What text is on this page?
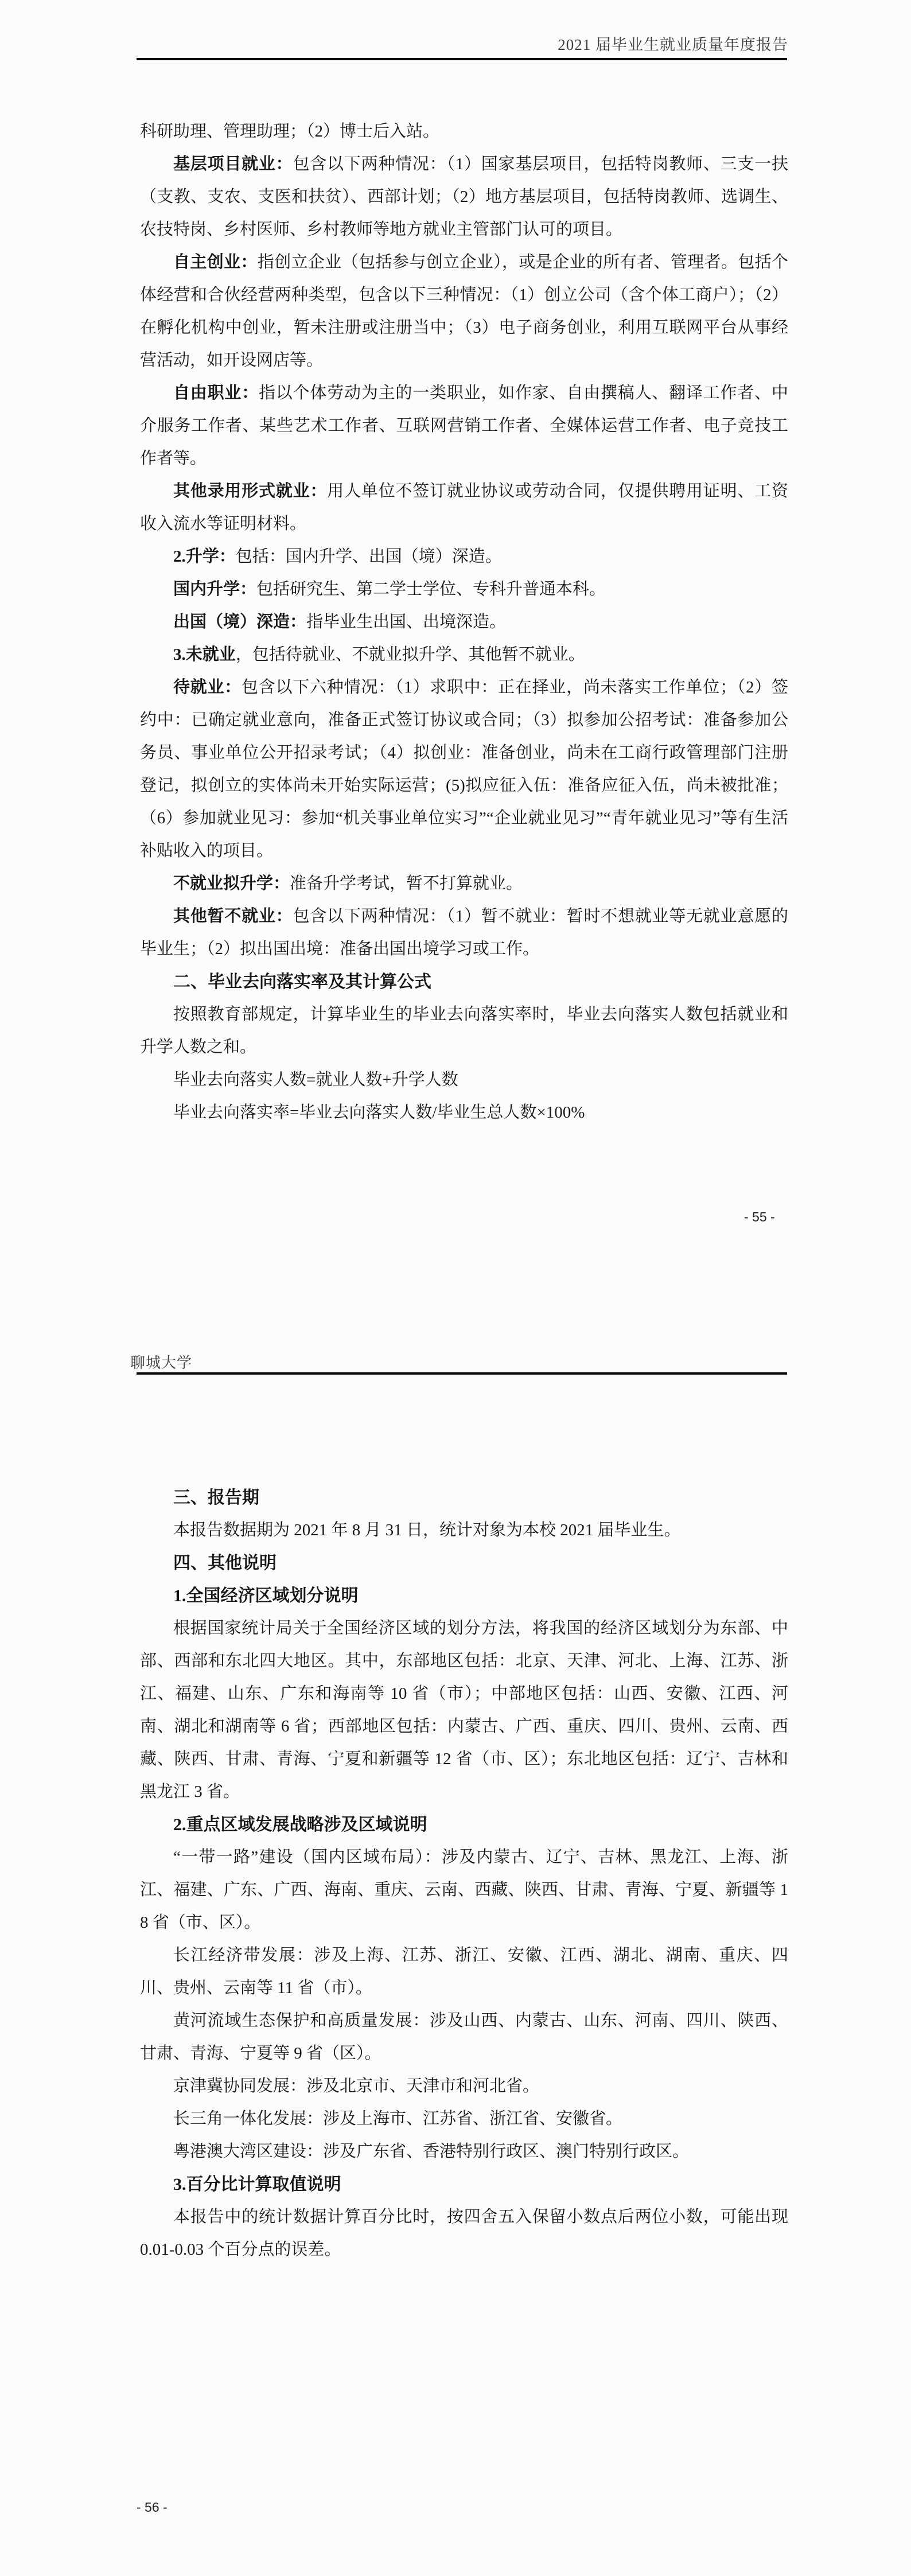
2021 届毕业生就业质量年度报告

科研助理、管理助理；（2）博士后入站。

基层项目就业：包含以下两种情况：（1）国家基层项目，包括特岗教师、三支一扶（支教、支农、支医和扶贫）、西部计划；（2）地方基层项目，包括特岗教师、选调生、农技特岗、乡村医师、乡村教师等地方就业主管部门认可的项目。

自主创业：指创立企业（包括参与创立企业），或是企业的所有者、管理者。包括个体经营和合伙经营两种类型，包含以下三种情况：（1）创立公司（含个体工商户）；（2）在孵化机构中创业，暂未注册或注册当中；（3）电子商务创业，利用互联网平台从事经营活动，如开设网店等。

自由职业：指以个体劳动为主的一类职业，如作家、自由撰稿人、翻译工作者、中介服务工作者、某些艺术工作者、互联网营销工作者、全媒体运营工作者、电子竞技工作者等。

其他录用形式就业：用人单位不签订就业协议或劳动合同，仅提供聘用证明、工资收入流水等证明材料。

2.升学：包括：国内升学、出国（境）深造。

国内升学：包括研究生、第二学士学位、专科升普通本科。

出国（境）深造：指毕业生出国、出境深造。

3.未就业，包括待就业、不就业拟升学、其他暂不就业。

待就业：包含以下六种情况：（1）求职中：正在择业，尚未落实工作单位；（2）签约中：已确定就业意向，准备正式签订协议或合同；（3）拟参加公招考试：准备参加公务员、事业单位公开招录考试；（4）拟创业：准备创业，尚未在工商行政管理部门注册登记，拟创立的实体尚未开始实际运营；(5)拟应征入伍：准备应征入伍，尚未被批准；（6）参加就业见习：参加“机关事业单位实习”“企业就业见习”“青年就业见习”等有生活补贴收入的项目。

不就业拟升学：准备升学考试，暂不打算就业。

其他暂不就业：包含以下两种情况：（1）暂不就业：暂时不想就业等无就业意愿的毕业生；（2）拟出国出境：准备出国出境学习或工作。

二、毕业去向落实率及其计算公式

按照教育部规定，计算毕业生的毕业去向落实率时，毕业去向落实人数包括就业和升学人数之和。

毕业去向落实人数=就业人数+升学人数

毕业去向落实率=毕业去向落实人数/毕业生总人数×100%

- 55 -
聊城大学

三、报告期

本报告数据期为 2021 年 8 月 31 日，统计对象为本校 2021 届毕业生。

四、其他说明

1.全国经济区域划分说明

根据国家统计局关于全国经济区域的划分方法，将我国的经济区域划分为东部、中部、西部和东北四大地区。其中，东部地区包括：北京、天津、河北、上海、江苏、浙江、福建、山东、广东和海南等 10 省（市）；中部地区包括：山西、安徽、江西、河南、湖北和湖南等 6 省；西部地区包括：内蒙古、广西、重庆、四川、贵州、云南、西藏、陕西、甘肃、青海、宁夏和新疆等 12 省（市、区）；东北地区包括：辽宁、吉林和黑龙江 3 省。

2.重点区域发展战略涉及区域说明

“一带一路”建设（国内区域布局）：涉及内蒙古、辽宁、吉林、黑龙江、上海、浙江、福建、广东、广西、海南、重庆、云南、西藏、陕西、甘肃、青海、宁夏、新疆等 18 省（市、区）。

长江经济带发展：涉及上海、江苏、浙江、安徽、江西、湖北、湖南、重庆、四川、贵州、云南等 11 省（市）。

黄河流域生态保护和高质量发展：涉及山西、内蒙古、山东、河南、四川、陕西、甘肃、青海、宁夏等 9 省（区）。

京津冀协同发展：涉及北京市、天津市和河北省。

长三角一体化发展：涉及上海市、江苏省、浙江省、安徽省。

粤港澳大湾区建设：涉及广东省、香港特别行政区、澳门特别行政区。

3.百分比计算取值说明

本报告中的统计数据计算百分比时，按四舍五入保留小数点后两位小数，可能出现 0.01-0.03 个百分点的误差。

- 56 -
